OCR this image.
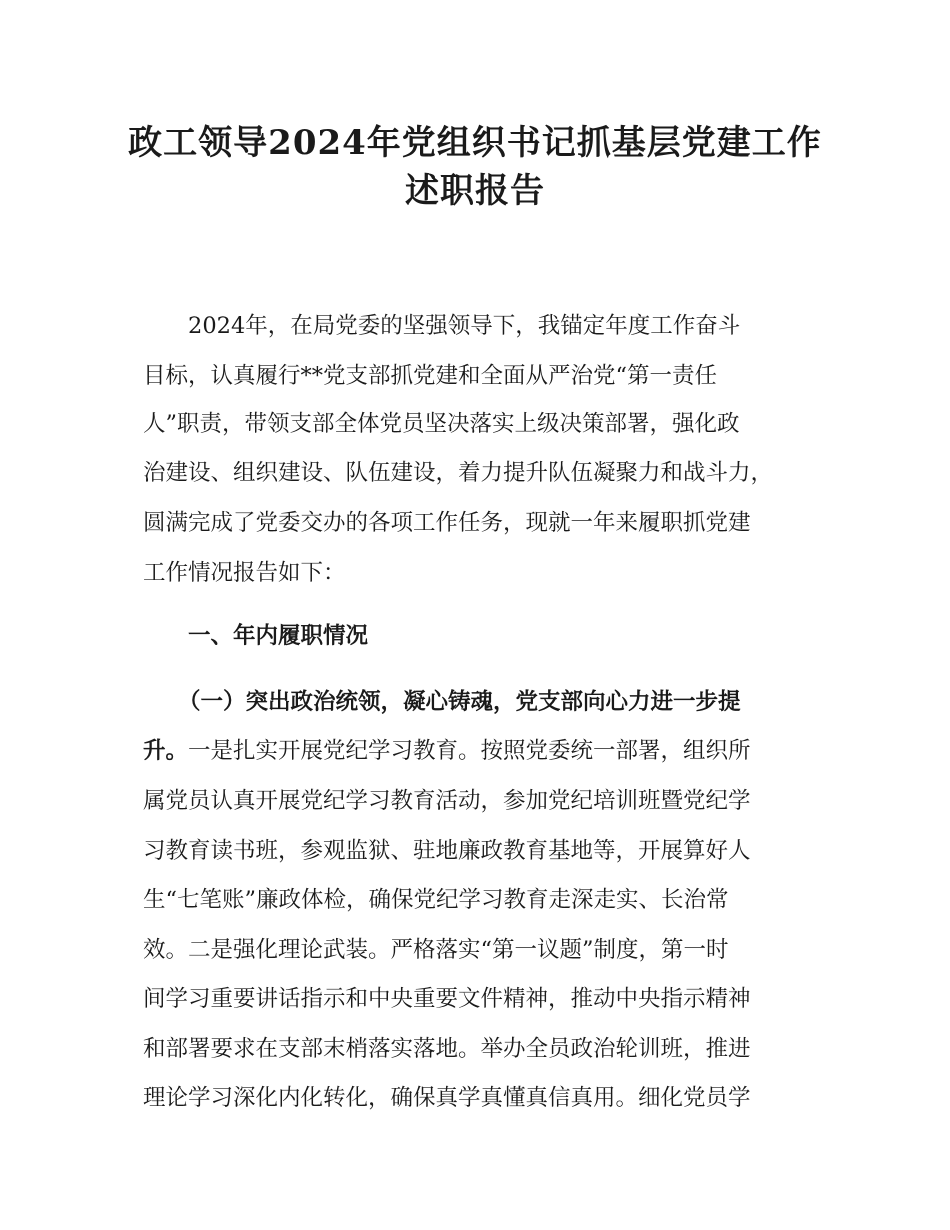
政工领导2024年党组织书记抓基层党建工作
述职报告
2024年，在局党委的坚强领导下，我锚定年度工作奋斗
目标，认真履行**党支部抓党建和全面从严治党“第一责任
人”职责，带领支部全体党员坚决落实上级决策部署，强化政
治建设、组织建设、队伍建设，着力提升队伍凝聚力和战斗力，
圆满完成了党委交办的各项工作任务，现就一年来履职抓党建
工作情况报告如下：
一、年内履职情况
（一）突出政治统领，凝心铸魂，党支部向心力进一步提
升。一是扎实开展党纪学习教育。按照党委统一部署，组织所
属党员认真开展党纪学习教育活动，参加党纪培训班暨党纪学
习教育读书班，参观监狱、驻地廉政教育基地等，开展算好人
生“七笔账”廉政体检，确保党纪学习教育走深走实、长治常
效。二是强化理论武装。严格落实“第一议题”制度，第一时
间学习重要讲话指示和中央重要文件精神，推动中央指示精神
和部署要求在支部末梢落实落地。举办全员政治轮训班，推进
理论学习深化内化转化，确保真学真懂真信真用。细化党员学
